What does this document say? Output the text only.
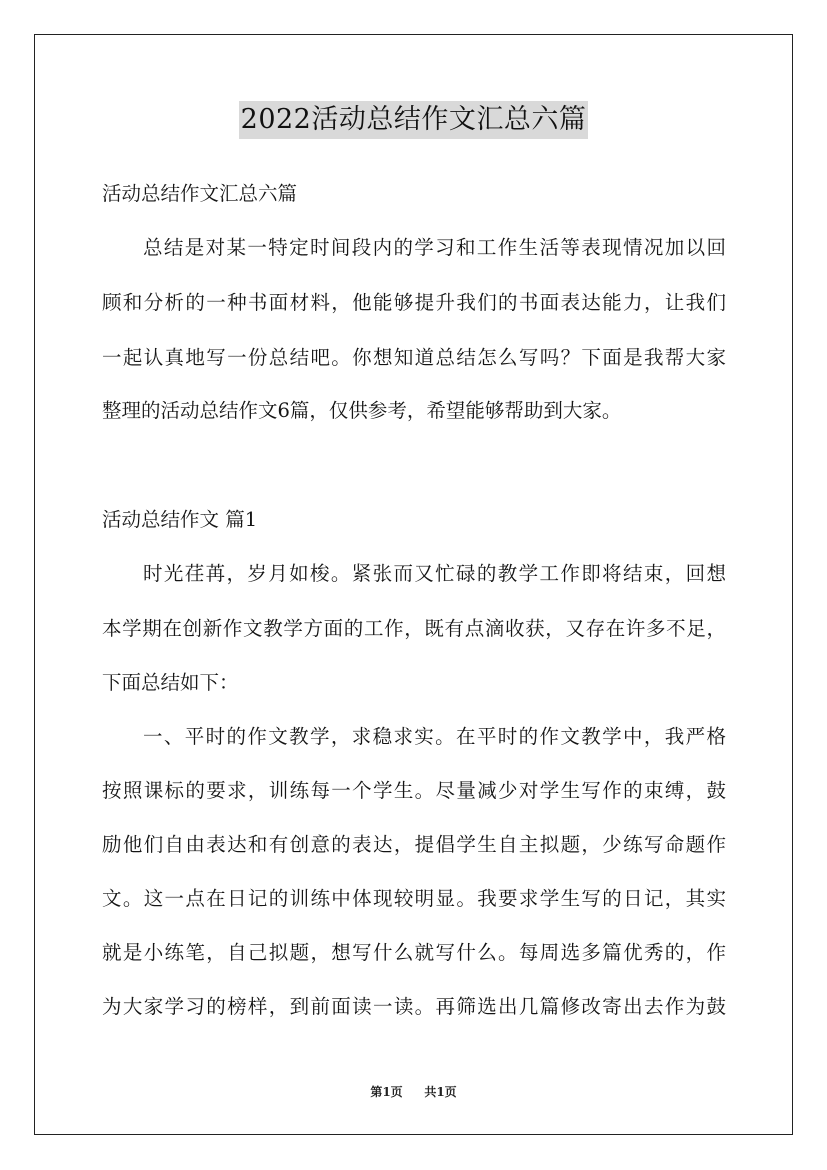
2022活动总结作文汇总六篇
活动总结作文汇总六篇
总结是对某一特定时间段内的学习和工作生活等表现情况加以回
顾和分析的一种书面材料，他能够提升我们的书面表达能力，让我们
一起认真地写一份总结吧。你想知道总结怎么写吗？下面是我帮大家
整理的活动总结作文6篇，仅供参考，希望能够帮助到大家。
活动总结作文 篇1
时光荏苒，岁月如梭。紧张而又忙碌的教学工作即将结束，回想
本学期在创新作文教学方面的工作，既有点滴收获，又存在许多不足，
下面总结如下：
一、平时的作文教学，求稳求实。在平时的作文教学中，我严格
按照课标的要求，训练每一个学生。尽量减少对学生写作的束缚，鼓
励他们自由表达和有创意的表达，提倡学生自主拟题，少练写命题作
文。这一点在日记的训练中体现较明显。我要求学生写的日记，其实
就是小练笔，自己拟题，想写什么就写什么。每周选多篇优秀的，作
为大家学习的榜样，到前面读一读。再筛选出几篇修改寄出去作为鼓
第1页 共1页
